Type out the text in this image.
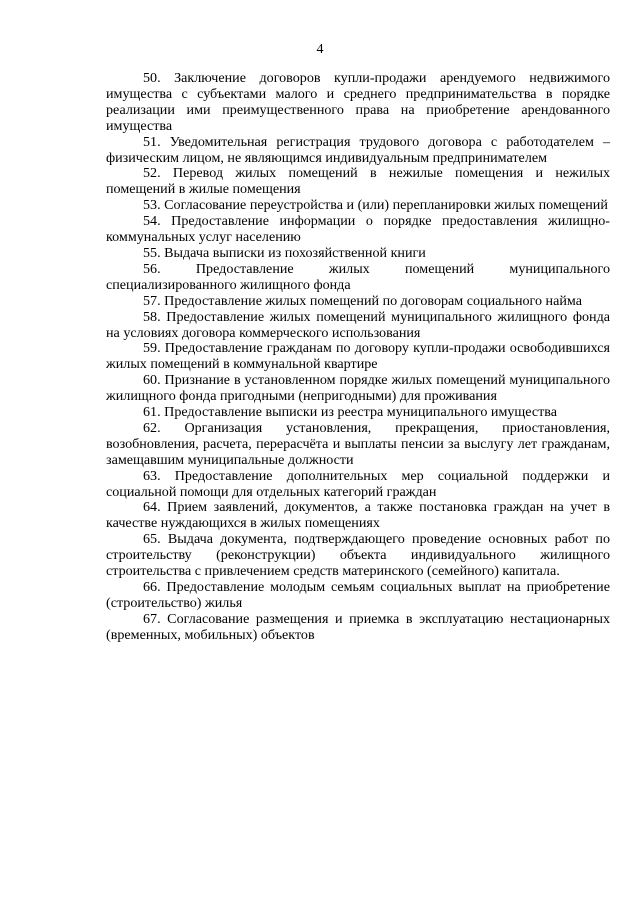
4

50. Заключение договоров купли-продажи арендуемого недвижимого имущества с субъектами малого и среднего предпринимательства в порядке реализации ими преимущественного права на приобретение арендованного имущества

51. Уведомительная регистрация трудового договора с работодателем – физическим лицом, не являющимся индивидуальным предпринимателем

52. Перевод жилых помещений в нежилые помещения и нежилых помещений в жилые помещения

53. Согласование переустройства и (или) перепланировки жилых помещений

54. Предоставление информации о порядке предоставления жилищно-коммунальных услуг населению

55. Выдача выписки из похозяйственной книги

56. Предоставление жилых помещений муниципального специализированного жилищного фонда

57. Предоставление жилых помещений по договорам социального найма

58. Предоставление жилых помещений муниципального жилищного фонда на условиях договора коммерческого использования

59. Предоставление гражданам по договору купли-продажи освободившихся жилых помещений в коммунальной квартире

60. Признание в установленном порядке жилых помещений муниципального жилищного фонда пригодными (непригодными) для проживания

61. Предоставление выписки из реестра муниципального имущества

62. Организация установления, прекращения, приостановления, возобновления, расчета, перерасчёта и выплаты пенсии за выслугу лет гражданам, замещавшим муниципальные должности

63. Предоставление дополнительных мер социальной поддержки и социальной помощи для отдельных категорий граждан

64. Прием заявлений, документов, а также постановка граждан на учет в качестве нуждающихся в жилых помещениях

65. Выдача документа, подтверждающего проведение основных работ по строительству (реконструкции) объекта индивидуального жилищного строительства с привлечением средств материнского (семейного) капитала.

66. Предоставление молодым семьям социальных выплат на приобретение (строительство) жилья

67. Согласование размещения и приемка в эксплуатацию нестационарных (временных, мобильных) объектов
